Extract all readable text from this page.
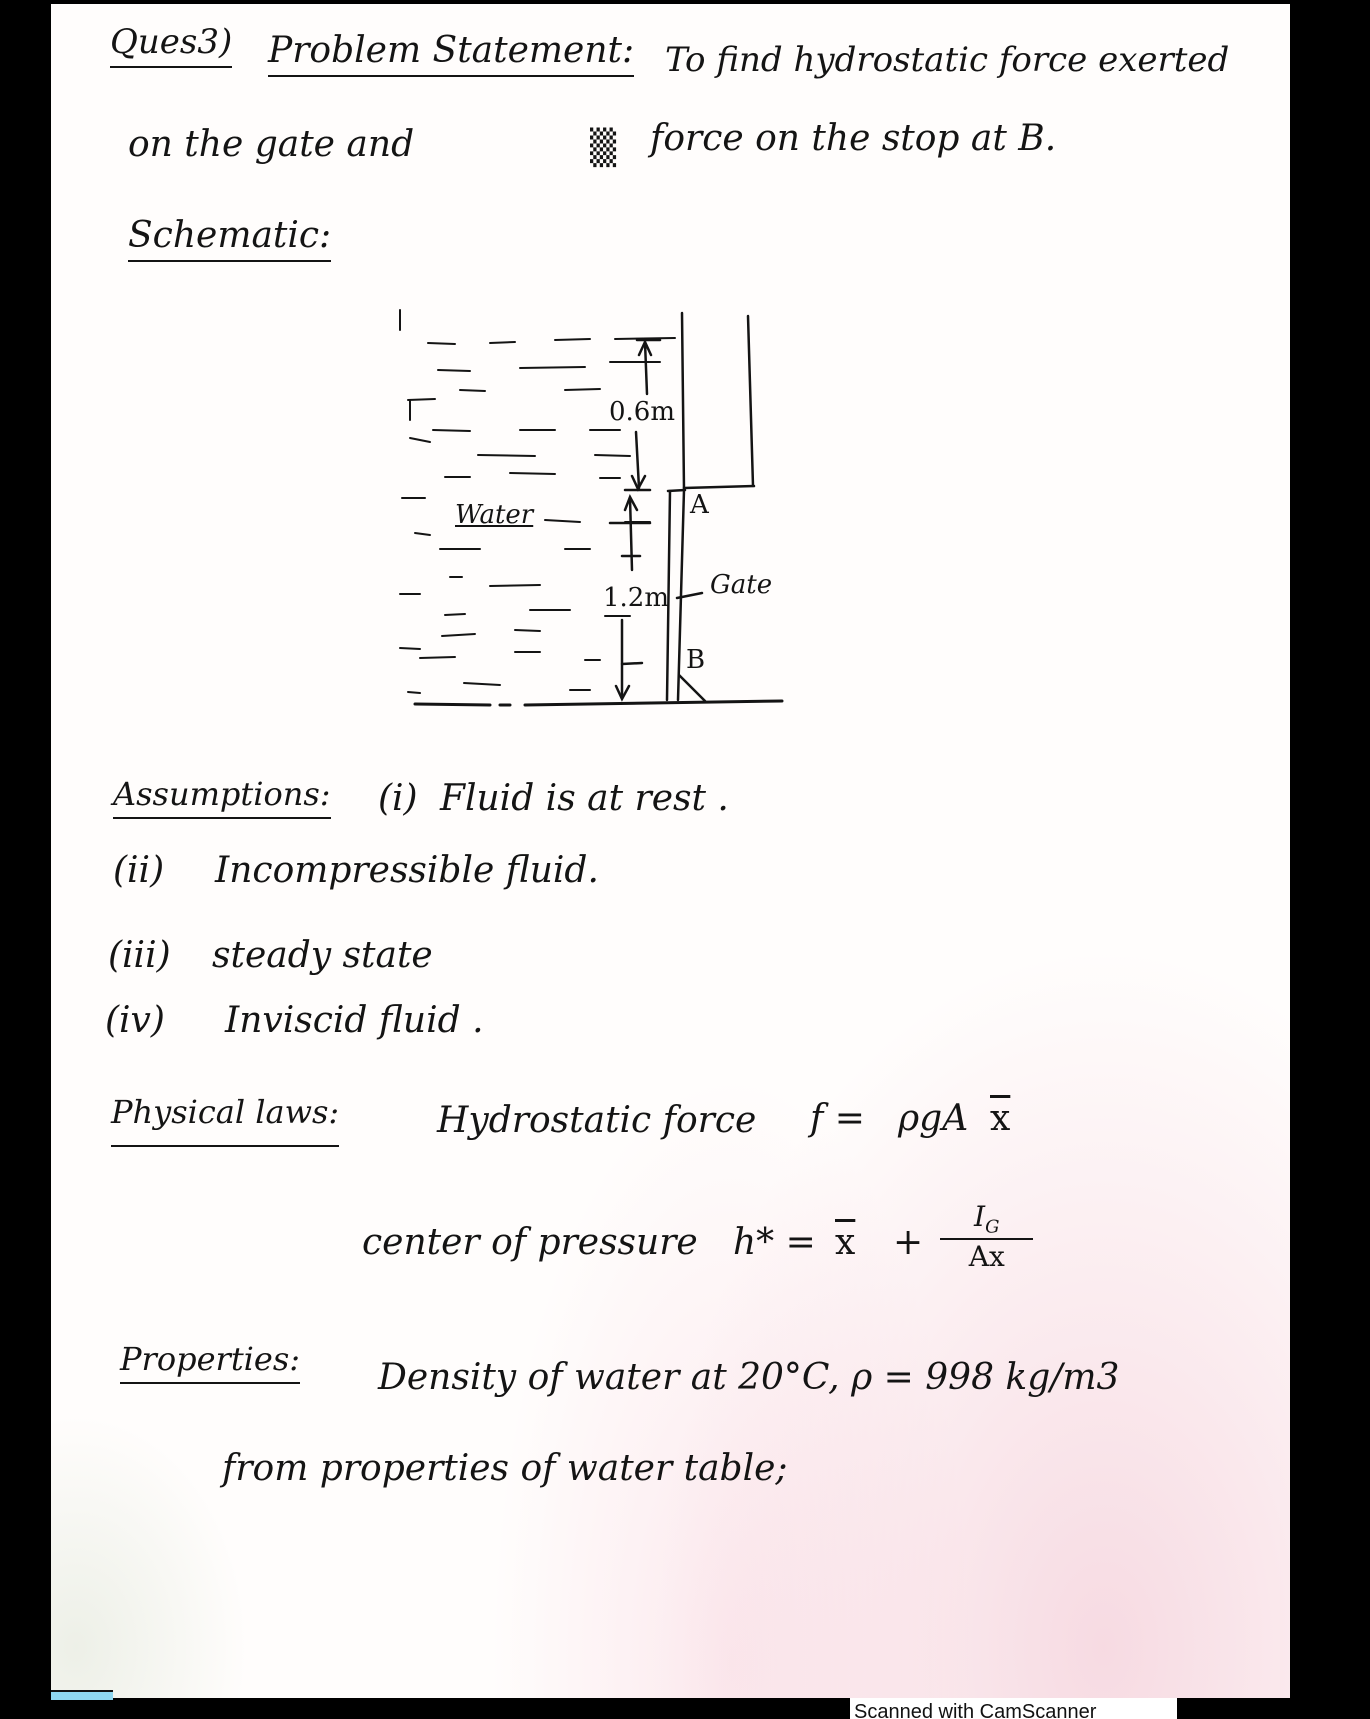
Ques3) Problem Statement: To find hydrostatic force exerted
on the gate and	▒ force on the stop at B.
Schematic:
0.6m
1.2m
Water
Gate
A
B
Assumptions: (i) Fluid is at rest .
(ii) Incompressible fluid.
(iii) steady state
(iv) Inviscid fluid .
Physical laws:	Hydrostatic force f = ρgA $\overline{x}$
center of pressure $h* = \overline{x} + \frac{I_G}{A\overline{x}}$
Properties: Density of water at 20°C, ρ = 998 kg/m3
from properties of water table;
Scanned with CamScanner
